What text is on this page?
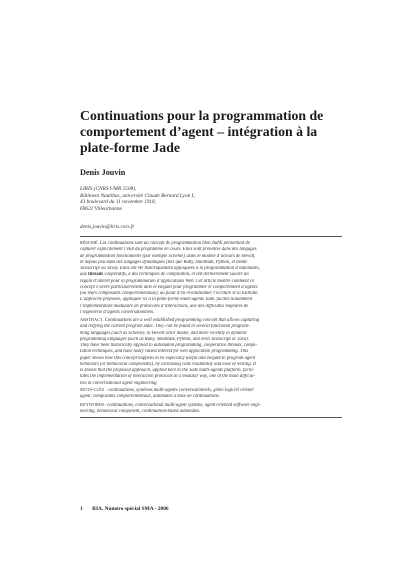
Continuations pour la programmation de comportement d’agent – intégration à la plate-forme Jade
Denis Jouvin
LIRIS (CNRS UMR 2508),
Bâtiment Nautibus, université Claude Bernard Lyon I,
43 boulevard du 11 novembre 1918,
69621 Villeurbanne
denis.jouvin@liris.cnrs.fr
RÉSUMÉ. Les continuations sont un concept de programmation bien établi permettant de
capturer explicitement l’état du programme en cours. Elles sont présentes dans des langages
de programmation fonctionnelle (par exemple Scheme), dans le modèle d’acteurs de Hewitt,
et depuis peu dans des langages dynamiques (tels que Ruby, Smalltalk, Python, et même
Javascript ou Java). Elles ont été historiquement appliquées à la programmation d’automates,
aux threads coopératifs, à des techniques de compilation, et ont dernièrement suscité un
regain d’intérêt pour la programmation d’applications Web. Cet article montre comment ce
concept s’avère particulièrement utile et élégant pour programmer le comportement d’agents
(ou leurs composants comportementaux), au point d’en révolutionner l’écriture et la lisibilité.
L’approche proposée, appliquée ici à la plate-forme multi-agents Jade, facilite notamment
l’implémentation modulaire de protocoles d’interactions, une des difficultés majeures de
l’ingénierie d’agents conversationnels.
ABSTRACT. Continuations are a well established programming concept that allows capturing
and reifying the current program state. They can be found in several functional program-
ming languages (such as Scheme), in Hewitt actor model, and more recently in dynamic
programming languages (such as Ruby, Smalltalk, Python, and even Javascript or Java).
They have been historically applied to automaton programming, cooperative threads, compi-
lation techniques, and have lastly raised interest for web application programming. This
paper shows how this concept happens to be especially useful and elegant to program agent
behaviors (or behavioral components), by increasing code readability and ease of writing. It
is shown that the proposed approach, applied here to the Jade multi-agents platform, facili-
tates the implementation of interaction protocols in a modular way, one of the main difficul-
ties in conversational agent engineering.
MOTS-CLÉS : continuations, systèmes multi-agents conversationnels, génie logiciel orienté
agent, composants comportementaux, automates à base de continuations.
KEYWORDS: continuations, conversational multi-agent systems, agent oriented software engi-
neering, behavioral component, continuation-based automates.
1 RIA. Numéro spécial SMA - 2006
